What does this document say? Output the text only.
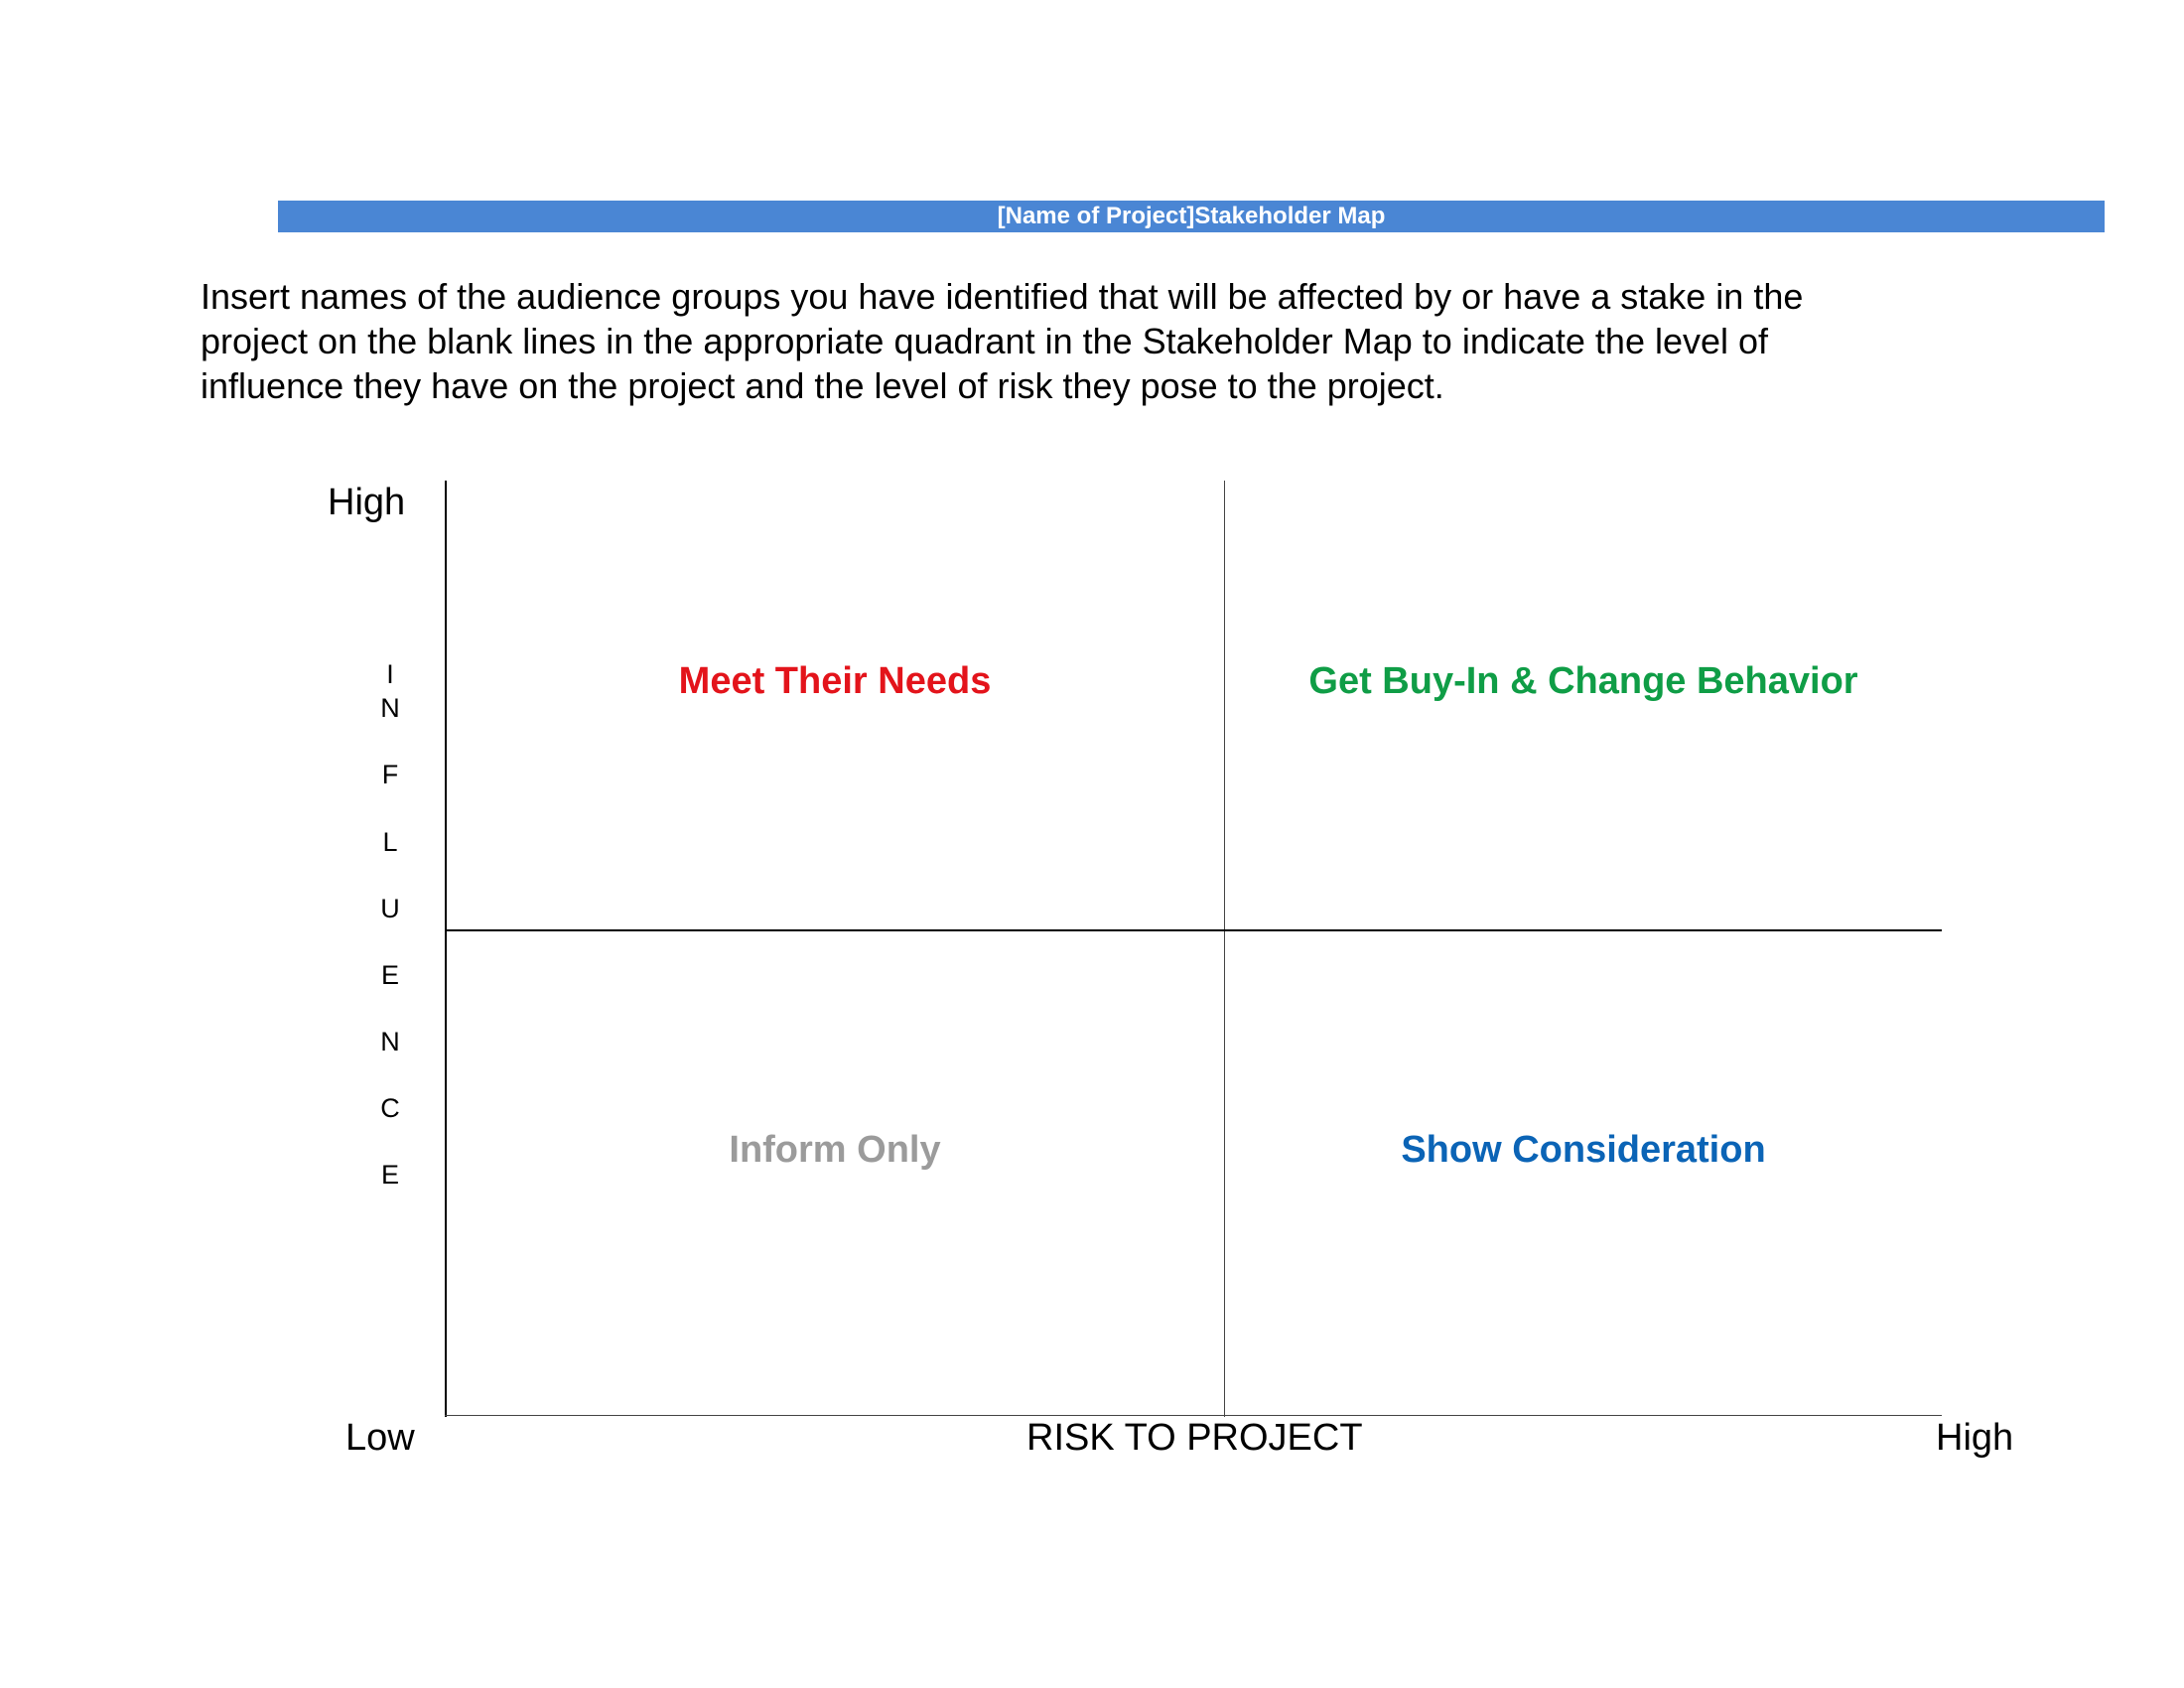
[Name of Project]Stakeholder Map
Insert names of the audience groups you have identified that will be affected by or have a stake in the
project on the blank lines in the appropriate quadrant in the Stakeholder Map to indicate the level of
influence they have on the project and the level of risk they pose to the project.
High
I
N
F
L
U
E
N
C
E
Low	RISK TO PROJECT	High
Meet Their Needs	Get Buy-In & Change Behavior
Inform Only	Show Consideration
